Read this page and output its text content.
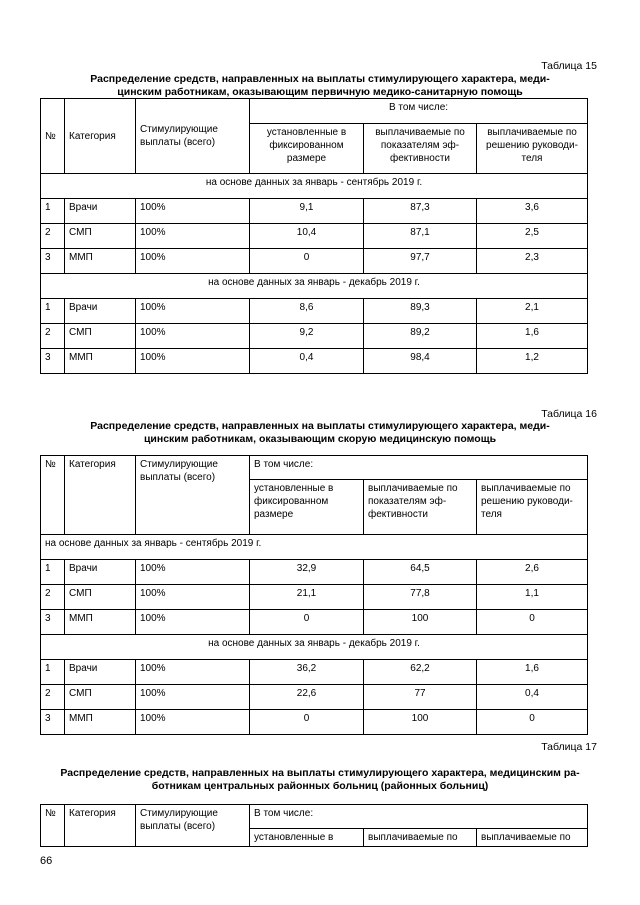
Таблица 15
Распределение средств, направленных на выплаты стимулирующего характера, меди-
цинским работникам, оказывающим первичную медико-санитарную помощь
№	Категория	Стимулирующие выплаты (всего)	В том числе:		
			установленные в фиксированном размере	выплачиваемые по показателям эф-фективности	выплачиваемые по решению руководи-теля
на основе данных за январь - сентябрь 2019 г.					
1	Врачи	100%	9,1	87,3	3,6
2	СМП	100%	10,4	87,1	2,5
3	ММП	100%	0	97,7	2,3
на основе данных за январь - декабрь 2019 г.					
1	Врачи	100%	8,6	89,3	2,1
2	СМП	100%	9,2	89,2	1,6
3	ММП	100%	0,4	98,4	1,2
Таблица 16
Распределение средств, направленных на выплаты стимулирующего характера, меди-
цинским работникам, оказывающим скорую медицинскую помощь
№	Категория	Стимулирующие выплаты (всего)	В том числе:		
			установленные в фиксированном размере	выплачиваемые по показателям эф-фективности	выплачиваемые по решению руководи-теля
на основе данных за январь - сентябрь 2019 г.					
1	Врачи	100%	32,9	64,5	2,6
2	СМП	100%	21,1	77,8	1,1
3	ММП	100%	0	100	0
на основе данных за январь - декабрь 2019 г.					
1	Врачи	100%	36,2	62,2	1,6
2	СМП	100%	22,6	77	0,4
3	ММП	100%	0	100	0
Таблица 17
Распределение средств, направленных на выплаты стимулирующего характера, медицинским ра-
ботникам центральных районных больниц (районных больниц)
№	Категория	Стимулирующие выплаты (всего)	В том числе:		
			установленные в	выплачиваемые по	выплачиваемые по
66
